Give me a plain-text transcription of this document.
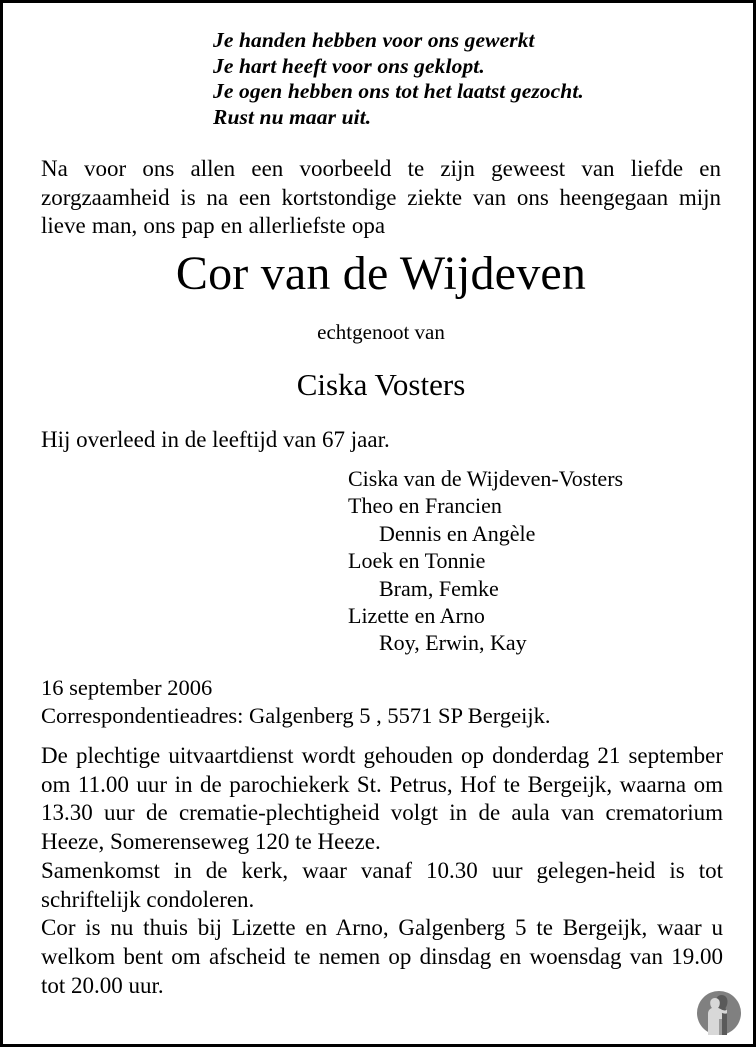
Je handen hebben voor ons gewerkt
Je hart heeft voor ons geklopt.
Je ogen hebben ons tot het laatst gezocht.
Rust nu maar uit.
Na voor ons allen een voorbeeld te zijn geweest van liefde en zorgzaamheid is na een kortstondige ziekte van ons heengegaan mijn lieve man, ons pap en allerliefste opa
Cor van de Wijdeven
echtgenoot van
Ciska Vosters
Hij overleed in de leeftijd van 67 jaar.
Ciska van de Wijdeven-Vosters
Theo en Francien
Dennis en Angèle
Loek en Tonnie
Bram, Femke
Lizette en Arno
Roy, Erwin, Kay
16 september 2006
Correspondentieadres: Galgenberg 5 , 5571 SP Bergeijk.

De plechtige uitvaartdienst wordt gehouden op donderdag 21 september om 11.00 uur in de parochiekerk St. Petrus, Hof te Bergeijk, waarna om 13.30 uur de crematie-plechtigheid volgt in de aula van crematorium Heeze, Somerenseweg 120 te Heeze.

Samenkomst in de kerk, waar vanaf 10.30 uur gelegen-heid is tot schriftelijk condoleren.

Cor is nu thuis bij Lizette en Arno, Galgenberg 5 te Bergeijk, waar u welkom bent om afscheid te nemen op dinsdag en woensdag van 19.00 tot 20.00 uur.
